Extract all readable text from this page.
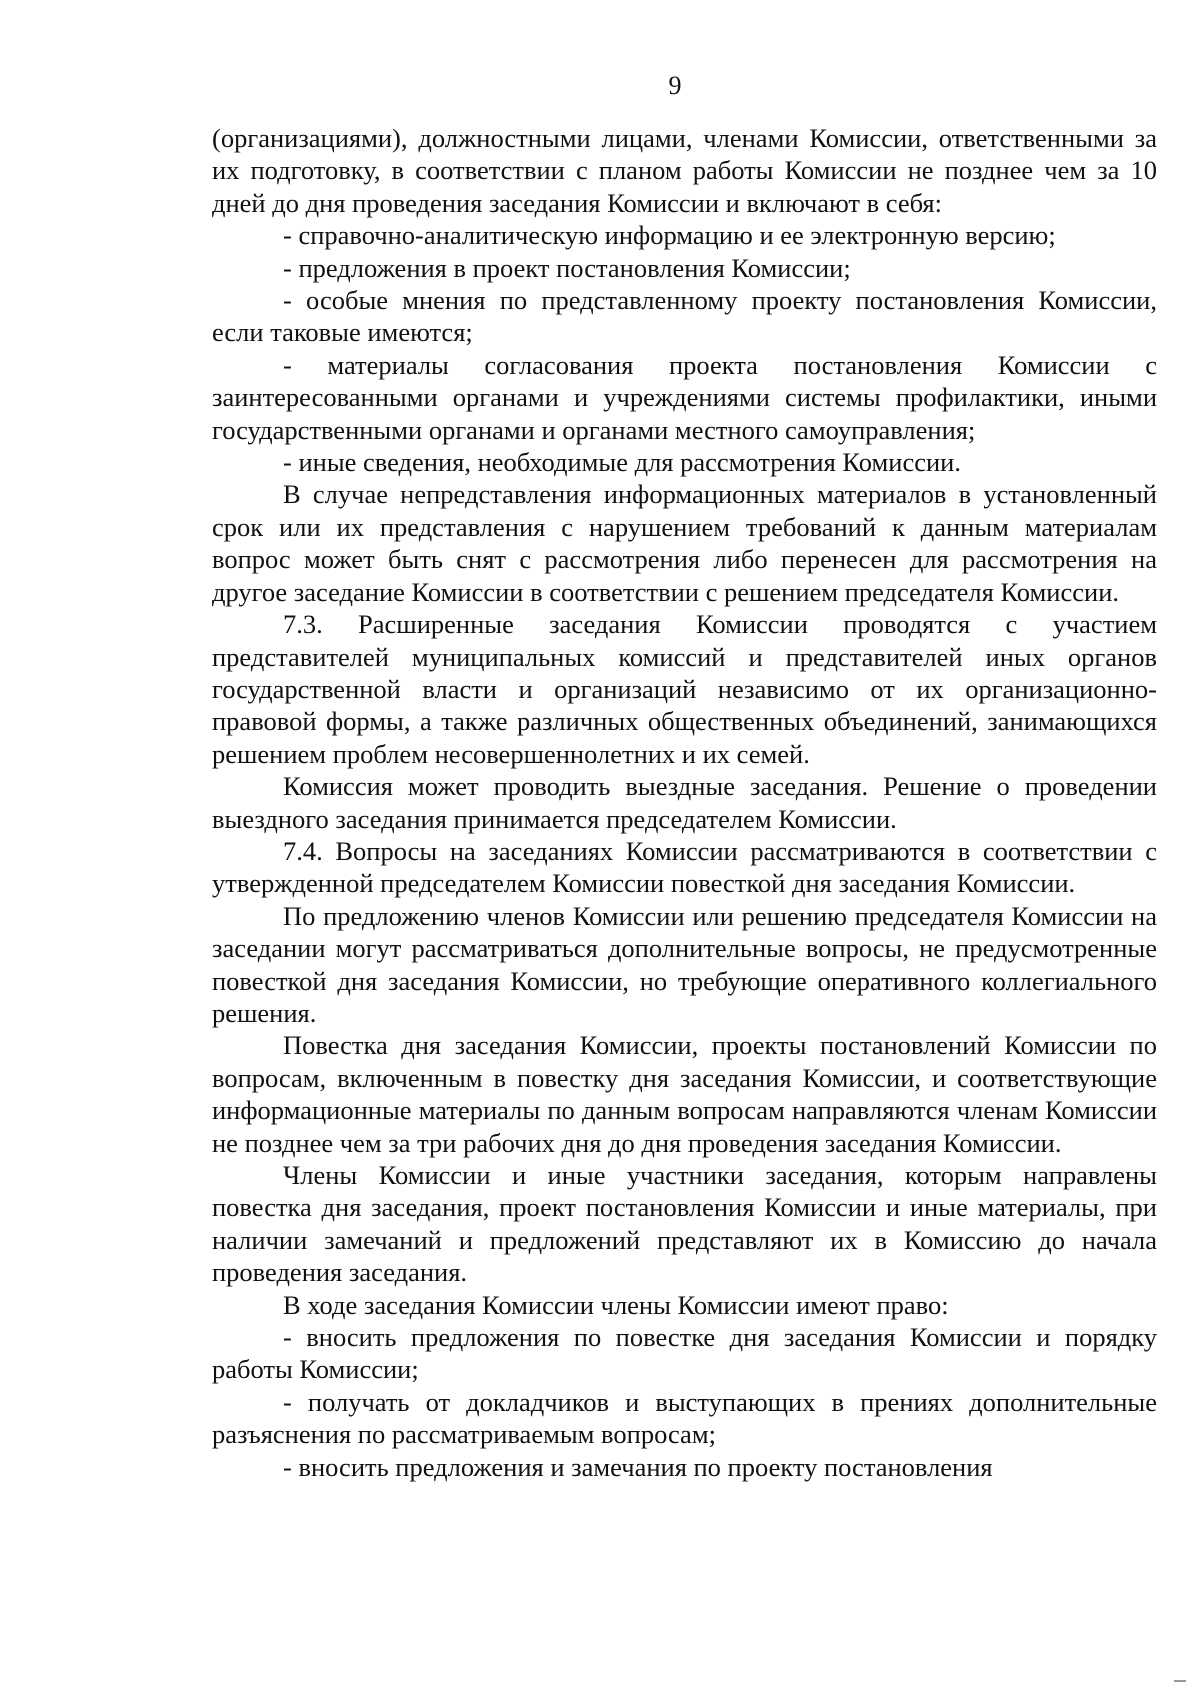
9

(организациями), должностными лицами, членами Комиссии, ответственными за их подготовку, в соответствии с планом работы Комиссии не позднее чем за 10 дней до дня проведения заседания Комиссии и включают в себя:

- справочно-аналитическую информацию и ее электронную версию;

- предложения в проект постановления Комиссии;

- особые мнения по представленному проекту постановления Комиссии, если таковые имеются;

- материалы согласования проекта постановления Комиссии с заинтересованными органами и учреждениями системы профилактики, иными государственными органами и органами местного самоуправления;

- иные сведения, необходимые для рассмотрения Комиссии.

В случае непредставления информационных материалов в установленный срок или их представления с нарушением требований к данным материалам вопрос может быть снят с рассмотрения либо перенесен для рассмотрения на другое заседание Комиссии в соответствии с решением председателя Комиссии.

7.3. Расширенные заседания Комиссии проводятся с участием представителей муниципальных комиссий и представителей иных органов государственной власти и организаций независимо от их организационно-правовой формы, а также различных общественных объединений, занимающихся решением проблем несовершеннолетних и их семей.

Комиссия может проводить выездные заседания. Решение о проведении выездного заседания принимается председателем Комиссии.

7.4. Вопросы на заседаниях Комиссии рассматриваются в соответствии с утвержденной председателем Комиссии повесткой дня заседания Комиссии.

По предложению членов Комиссии или решению председателя Комиссии на заседании могут рассматриваться дополнительные вопросы, не предусмотренные повесткой дня заседания Комиссии, но требующие оперативного коллегиального решения.

Повестка дня заседания Комиссии, проекты постановлений Комиссии по вопросам, включенным в повестку дня заседания Комиссии, и соответствующие информационные материалы по данным вопросам направляются членам Комиссии не позднее чем за три рабочих дня до дня проведения заседания Комиссии.

Члены Комиссии и иные участники заседания, которым направлены повестка дня заседания, проект постановления Комиссии и иные материалы, при наличии замечаний и предложений представляют их в Комиссию до начала проведения заседания.

В ходе заседания Комиссии члены Комиссии имеют право:

- вносить предложения по повестке дня заседания Комиссии и порядку работы Комиссии;

- получать от докладчиков и выступающих в прениях дополнительные разъяснения по рассматриваемым вопросам;

- вносить предложения и замечания по проекту постановления
